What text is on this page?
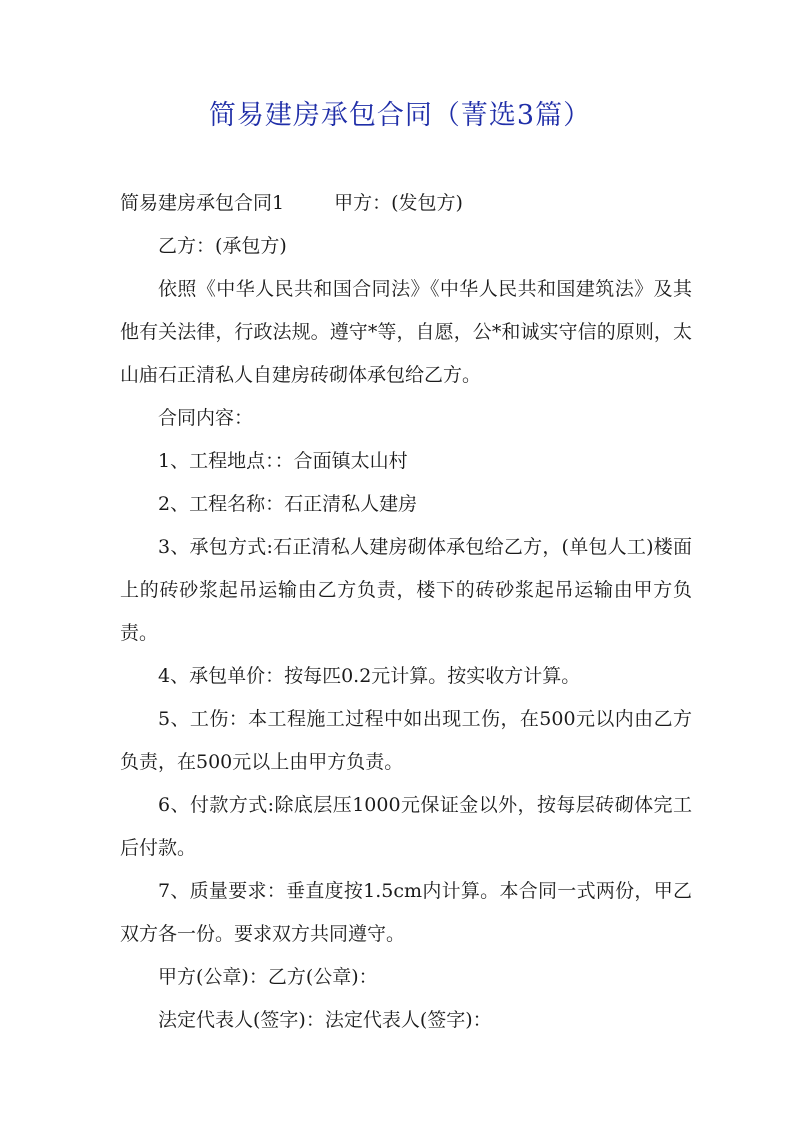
简易建房承包合同（菁选3篇）

简易建房承包合同1	甲方：(发包方)

乙方：(承包方)

依照《中华人民共和国合同法》《中华人民共和国建筑法》及其他有关法律，行政法规。遵守*等，自愿，公*和诚实守信的原则，太山庙石正清私人自建房砖砌体承包给乙方。

合同内容：

1、工程地点：：合面镇太山村

2、工程名称：石正清私人建房

3、承包方式:石正清私人建房砌体承包给乙方，(单包人工)楼面上的砖砂浆起吊运输由乙方负责，楼下的砖砂浆起吊运输由甲方负责。

4、承包单价：按每匹0.2元计算。按实收方计算。

5、工伤：本工程施工过程中如出现工伤，在500元以内由乙方负责，在500元以上由甲方负责。

6、付款方式:除底层压1000元保证金以外，按每层砖砌体完工后付款。

7、质量要求：垂直度按1.5cm内计算。本合同一式两份，甲乙双方各一份。要求双方共同遵守。

甲方(公章)：乙方(公章)：

法定代表人(签字)：法定代表人(签字)：
